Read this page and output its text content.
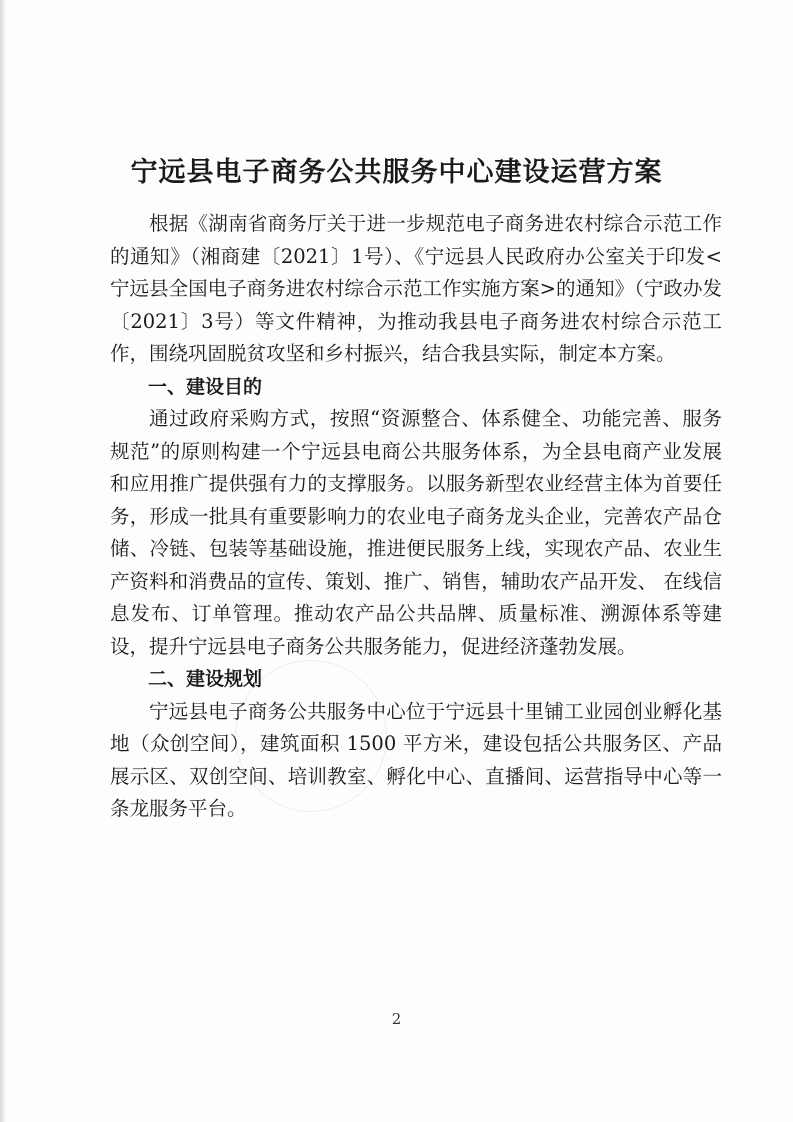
宁远县电子商务公共服务中心建设运营方案

根据《湖南省商务厅关于进一步规范电子商务进农村综合示范工作的通知》（湘商建〔2021〕1号）、《宁远县人民政府办公室关于印发<宁远县全国电子商务进农村综合示范工作实施方案>的通知》（宁政办发〔2021〕3号）等文件精神，为推动我县电子商务进农村综合示范工作，围绕巩固脱贫攻坚和乡村振兴，结合我县实际，制定本方案。

一、建设目的

通过政府采购方式，按照“资源整合、体系健全、功能完善、服务规范”的原则构建一个宁远县电商公共服务体系，为全县电商产业发展和应用推广提供强有力的支撑服务。以服务新型农业经营主体为首要任务，形成一批具有重要影响力的农业电子商务龙头企业，完善农产品仓储、冷链、包装等基础设施，推进便民服务上线，实现农产品、农业生产资料和消费品的宣传、策划、推广、销售，辅助农产品开发、 在线信息发布、订单管理。推动农产品公共品牌、质量标准、溯源体系等建设，提升宁远县电子商务公共服务能力，促进经济蓬勃发展。

二、建设规划

宁远县电子商务公共服务中心位于宁远县十里铺工业园创业孵化基地（众创空间），建筑面积 1500 平方米，建设包括公共服务区、产品展示区、双创空间、培训教室、孵化中心、直播间、运营指导中心等一条龙服务平台。

2
